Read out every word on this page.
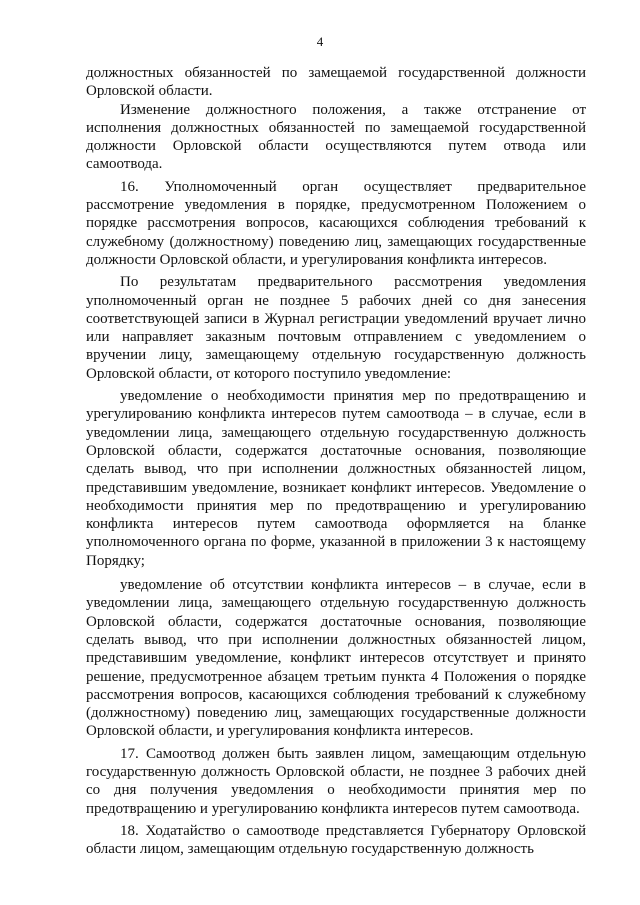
4

должностных обязанностей по замещаемой государственной должности Орловской области.

Изменение должностного положения, а также отстранение от исполнения должностных обязанностей по замещаемой государственной должности Орловской области осуществляются путем отвода или самоотвода.

16. Уполномоченный орган осуществляет предварительное рассмотрение уведомления в порядке, предусмотренном Положением о порядке рассмотрения вопросов, касающихся соблюдения требований к служебному (должностному) поведению лиц, замещающих государственные должности Орловской области, и урегулирования конфликта интересов.

По результатам предварительного рассмотрения уведомления уполномоченный орган не позднее 5 рабочих дней со дня занесения соответствующей записи в Журнал регистрации уведомлений вручает лично или направляет заказным почтовым отправлением с уведомлением о вручении лицу, замещающему отдельную государственную должность Орловской области, от которого поступило уведомление:

уведомление о необходимости принятия мер по предотвращению и урегулированию конфликта интересов путем самоотвода – в случае, если в уведомлении лица, замещающего отдельную государственную должность Орловской области, содержатся достаточные основания, позволяющие сделать вывод, что при исполнении должностных обязанностей лицом, представившим уведомление, возникает конфликт интересов. Уведомление о необходимости принятия мер по предотвращению и урегулированию конфликта интересов путем самоотвода оформляется на бланке уполномоченного органа по форме, указанной в приложении 3 к настоящему Порядку;

уведомление об отсутствии конфликта интересов – в случае, если в уведомлении лица, замещающего отдельную государственную должность Орловской области, содержатся достаточные основания, позволяющие сделать вывод, что при исполнении должностных обязанностей лицом, представившим уведомление, конфликт интересов отсутствует и принято решение, предусмотренное абзацем третьим пункта 4 Положения о порядке рассмотрения вопросов, касающихся соблюдения требований к служебному (должностному) поведению лиц, замещающих государственные должности Орловской области, и урегулирования конфликта интересов.

17. Самоотвод должен быть заявлен лицом, замещающим отдельную государственную должность Орловской области, не позднее 3 рабочих дней со дня получения уведомления о необходимости принятия мер по предотвращению и урегулированию конфликта интересов путем самоотвода.

18. Ходатайство о самоотводе представляется Губернатору Орловской области лицом, замещающим отдельную государственную должность
